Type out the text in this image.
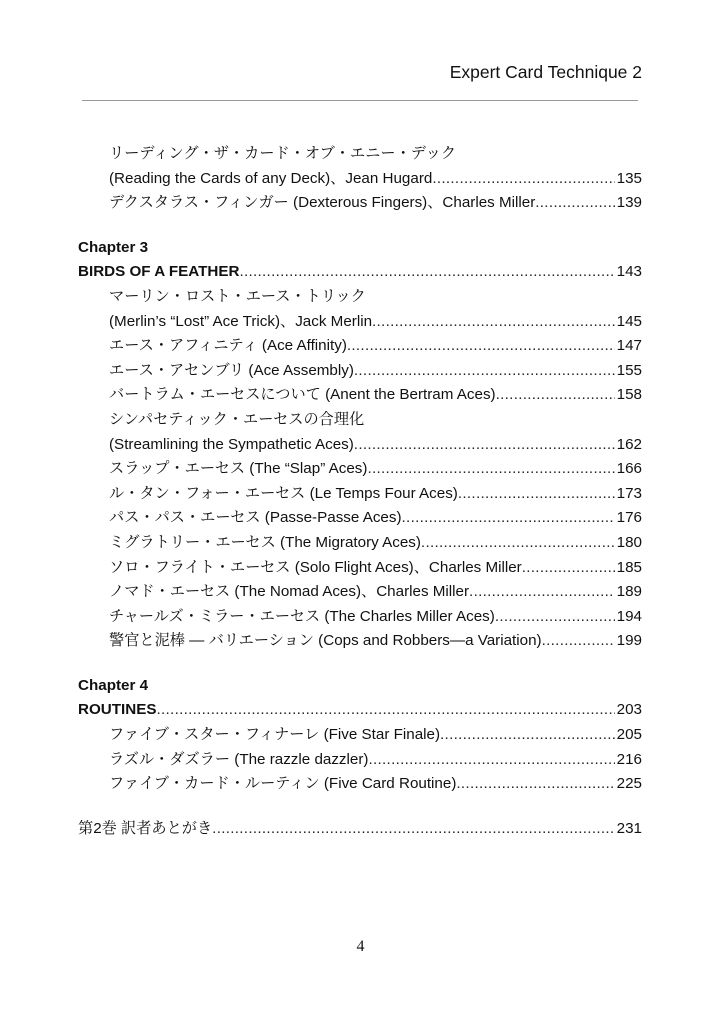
Expert Card Technique 2
リーディング・ザ・カード・オブ・エニー・デック
(Reading the Cards of any Deck)、Jean Hugard .....	135
デクスタラス・フィンガー (Dexterous Fingers)、Charles Miller .....	139
Chapter 3
BIRDS OF A FEATHER .....	143
マーリン・ロスト・エース・トリック
(Merlin’s “Lost” Ace Trick)、Jack Merlin .....	145
エース・アフィニティ (Ace Affinity) .....	147
エース・アセンブリ (Ace Assembly) .....	155
バートラム・エーセスについて (Anent the Bertram Aces) .....	158
シンパセティック・エーセスの合理化
(Streamlining the Sympathetic Aces) .....	162
スラップ・エーセス (The “Slap” Aces) .....	166
ル・タン・フォー・エーセス (Le Temps Four Aces) .....	173
パス・パス・エーセス (Passe-Passe Aces) .....	176
ミグラトリー・エーセス (The Migratory Aces) .....	180
ソロ・フライト・エーセス (Solo Flight Aces)、Charles Miller .....	185
ノマド・エーセス (The Nomad Aces)、Charles Miller .....	189
チャールズ・ミラー・エーセス (The Charles Miller Aces) .....	194
警官と泥棒 — バリエーション (Cops and Robbers—a Variation) .....	199
Chapter 4
ROUTINES .....	203
ファイブ・スター・フィナーレ (Five Star Finale) .....	205
ラズル・ダズラー (The razzle dazzler) .....	216
ファイブ・カード・ルーティン (Five Card Routine) .....	225
第2巻 訳者あとがき .....	231
4
